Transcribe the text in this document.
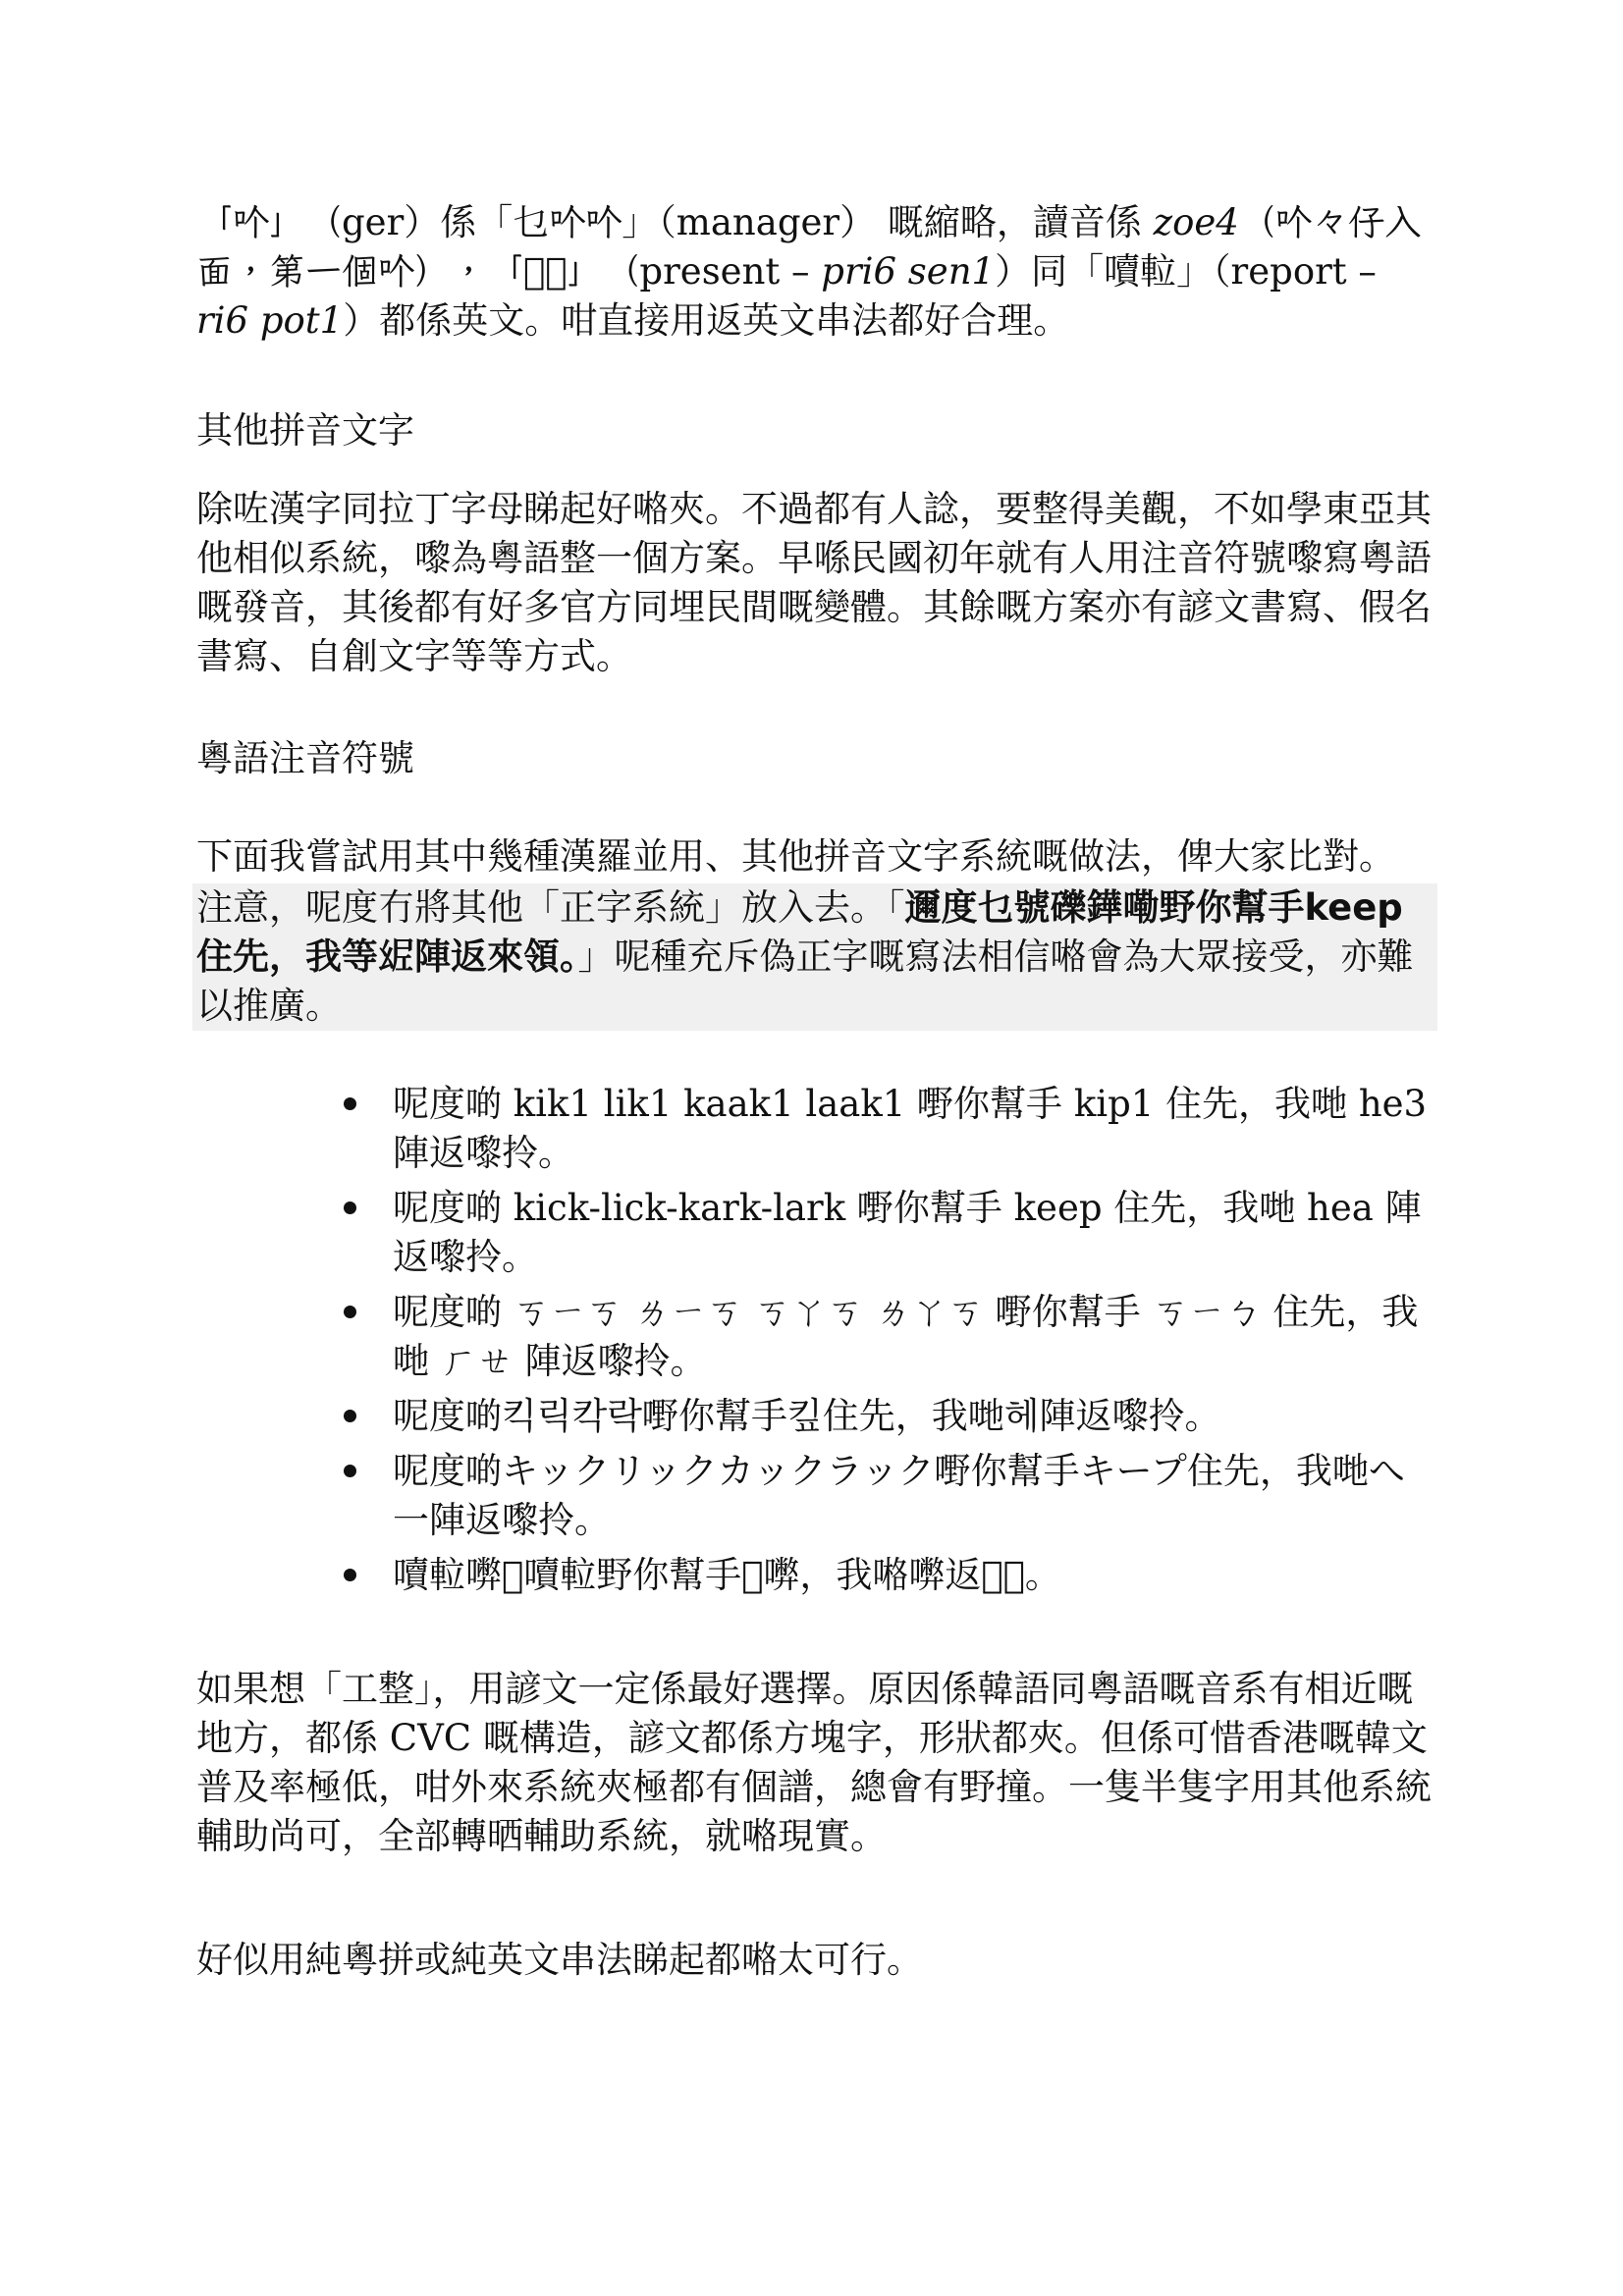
「𠮶」（ger）係「乜𠮶𠮶」（manager） 嘅縮略，讀音係 zoe4（𠮶々仔入面，第一個𠮶），「𥺖𡃇」（present – pri6 sen1）同「𡂝𨋢」（report – ri6 pot1）都係英文。咁直接用返英文串法都好合理。

其他拼音文字

除咗漢字同拉丁字母睇起好𠺝夾。不過都有人諗，要整得美觀，不如學東亞其他相似系統，嚟為粵語整一個方案。早喺民國初年就有人用注音符號嚟寫粵語嘅發音，其後都有好多官方同埋民間嘅變體。其餘嘅方案亦有諺文書寫、假名書寫、自創文字等等方式。

粵語注音符號

下面我嘗試用其中幾種漢羅並用、其他拼音文字系統嘅做法，俾大家比對。

注意，呢度冇將其他「正字系統」放入去。「邇度乜號礫鏵嘞野你幫手keep 住先，我等𢇀陣返來領。」呢種充斥偽正字嘅寫法相信𠺝會為大眾接受，亦難以推廣。

呢度啲 kik1 lik1 kaak1 laak1 嘢你幫手 kip1 住先，我哋 he3 陣返嚟拎。
呢度啲 kick-lick-kark-lark 嘢你幫手 keep 住先，我哋 hea 陣返嚟拎。
呢度啲 ㄎㄧㄎ ㄌㄧㄎ ㄎㄚㄎ ㄌㄚㄎ 嘢你幫手 ㄎㄧㄅ 住先，我哋 ㄏㄝ 陣返嚟拎。
呢度啲킥릭칵락嘢你幫手킾住先，我哋헤陣返嚟拎。
呢度啲キックリックカックラック嘢你幫手キープ住先，我哋へ一陣返嚟拎。
𡂝𨋢𡃇𥺖𡂝𨋢野你幫手𢲾𡃇，我𠺝𡃇返𢲾𢲾。

如果想「工整」，用諺文一定係最好選擇。原因係韓語同粵語嘅音系有相近嘅地方，都係 CVC 嘅構造，諺文都係方塊字，形狀都夾。但係可惜香港嘅韓文普及率極低，咁外來系統夾極都有個譜，總會有野撞。一隻半隻字用其他系統輔助尚可，全部轉晒輔助系統，就𠺝現實。

好似用純粵拼或純英文串法睇起都𠺝太可行。
